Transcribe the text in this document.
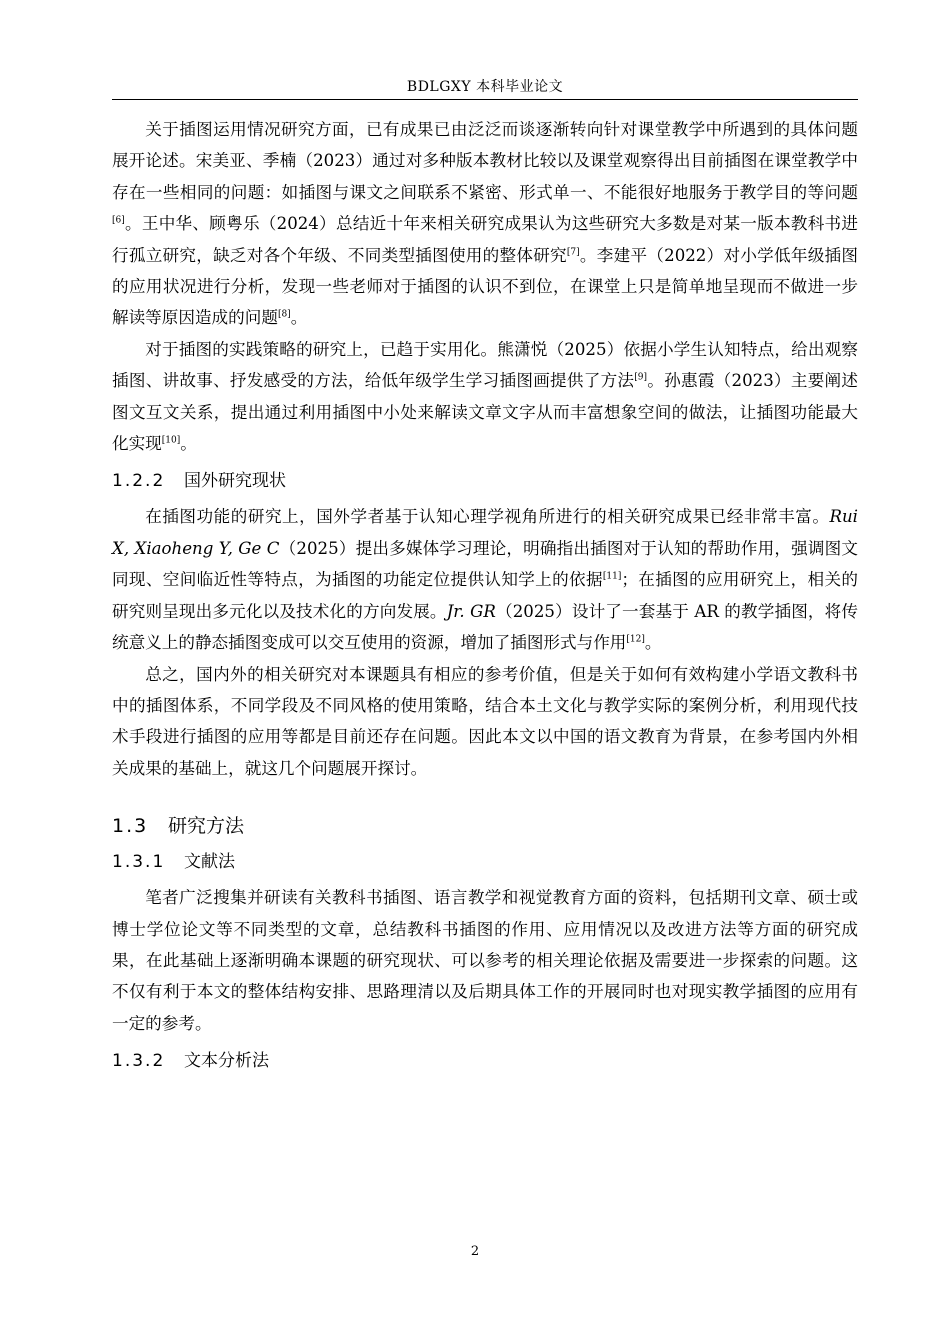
BDLGXY 本科毕业论文

关于插图运用情况研究方面，已有成果已由泛泛而谈逐渐转向针对课堂教学中所遇到的具体问题展开论述。宋美亚、季楠（2023）通过对多种版本教材比较以及课堂观察得出目前插图在课堂教学中存在一些相同的问题：如插图与课文之间联系不紧密、形式单一、不能很好地服务于教学目的等问题[6]。王中华、顾粤乐（2024）总结近十年来相关研究成果认为这些研究大多数是对某一版本教科书进行孤立研究，缺乏对各个年级、不同类型插图使用的整体研究[7]。李建平（2022）对小学低年级插图的应用状况进行分析，发现一些老师对于插图的认识不到位，在课堂上只是简单地呈现而不做进一步解读等原因造成的问题[8]。

对于插图的实践策略的研究上，已趋于实用化。熊潇悦（2025）依据小学生认知特点，给出观察插图、讲故事、抒发感受的方法，给低年级学生学习插图画提供了方法[9]。孙惠霞（2023）主要阐述图文互文关系，提出通过利用插图中小处来解读文章文字从而丰富想象空间的做法，让插图功能最大化实现[10]。

1.2.2 国外研究现状

在插图功能的研究上，国外学者基于认知心理学视角所进行的相关研究成果已经非常丰富。Rui X, Xiaoheng Y, Ge C（2025）提出多媒体学习理论，明确指出插图对于认知的帮助作用，强调图文同现、空间临近性等特点，为插图的功能定位提供认知学上的依据[11]；在插图的应用研究上，相关的研究则呈现出多元化以及技术化的方向发展。Jr. GR（2025）设计了一套基于 AR 的教学插图，将传统意义上的静态插图变成可以交互使用的资源，增加了插图形式与作用[12]。

总之，国内外的相关研究对本课题具有相应的参考价值，但是关于如何有效构建小学语文教科书中的插图体系，不同学段及不同风格的使用策略，结合本土文化与教学实际的案例分析，利用现代技术手段进行插图的应用等都是目前还存在问题。因此本文以中国的语文教育为背景，在参考国内外相关成果的基础上，就这几个问题展开探讨。

1.3 研究方法
1.3.1 文献法

笔者广泛搜集并研读有关教科书插图、语言教学和视觉教育方面的资料，包括期刊文章、硕士或博士学位论文等不同类型的文章，总结教科书插图的作用、应用情况以及改进方法等方面的研究成果，在此基础上逐渐明确本课题的研究现状、可以参考的相关理论依据及需要进一步探索的问题。这不仅有利于本文的整体结构安排、思路理清以及后期具体工作的开展同时也对现实教学插图的应用有一定的参考。

1.3.2 文本分析法
2
